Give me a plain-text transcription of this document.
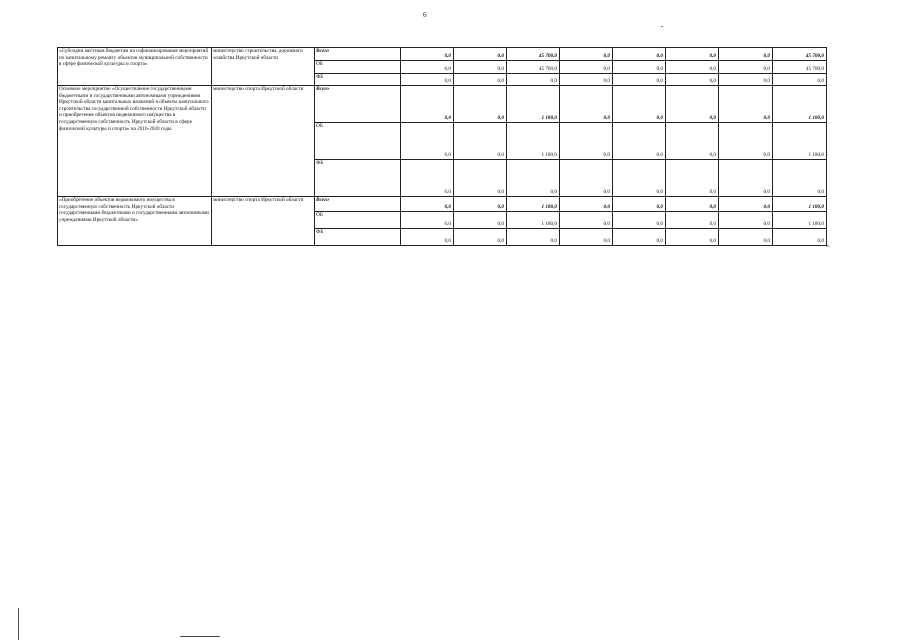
6
«Субсидии местным бюджетам на софинансирование мероприятий по капитальному ремонту объектов муниципальной собственности в сфере физической культуры и спорта»	министерство строительства, дорожного хозяйства Иркутской области	Всего	0,0	0,0	45 700,0	0,0	0,0	0,0	0,0	45 700,0
		ОБ	0,0	0,0	45 700,0	0,0	0,0	0,0	0,0	45 700,0
		ФБ	0,0	0,0	0,0	0,0	0,0	0,0	0,0	0,0
Основное мероприятие «Осуществление государственными бюджетными и государственными автономными учреждениями Иркутской области капитальных вложений в объекты капитального строительства государственной собственности Иркутской области и приобретение объектов недвижимого имущества в государственную собственность Иркутской области в сфере физической культуры и спорта» на 2016-2020 годы	министерство спорта Иркутской области	Всего	0,0	0,0	1 180,0	0,0	0,0	0,0	0,0	1 180,0
		ОБ	0,0	0,0	1 180,0	0,0	0,0	0,0	0,0	1 180,0
		ФБ	0,0	0,0	0,0	0,0	0,0	0,0	0,0	0,0
«Приобретение объектов недвижимого имущества в государственную собственность Иркутской области государственными бюджетными и государственными автономными учреждениями Иркутской области»	министерство спорта Иркутской области	Всего	0,0	0,0	1 180,0	0,0	0,0	0,0	0,0	1 180,0
		ОБ	0,0	0,0	1 180,0	0,0	0,0	0,0	0,0	1 180,0
		ФБ	0,0	0,0	0,0	0,0	0,0	0,0	0,0	0,0
».
